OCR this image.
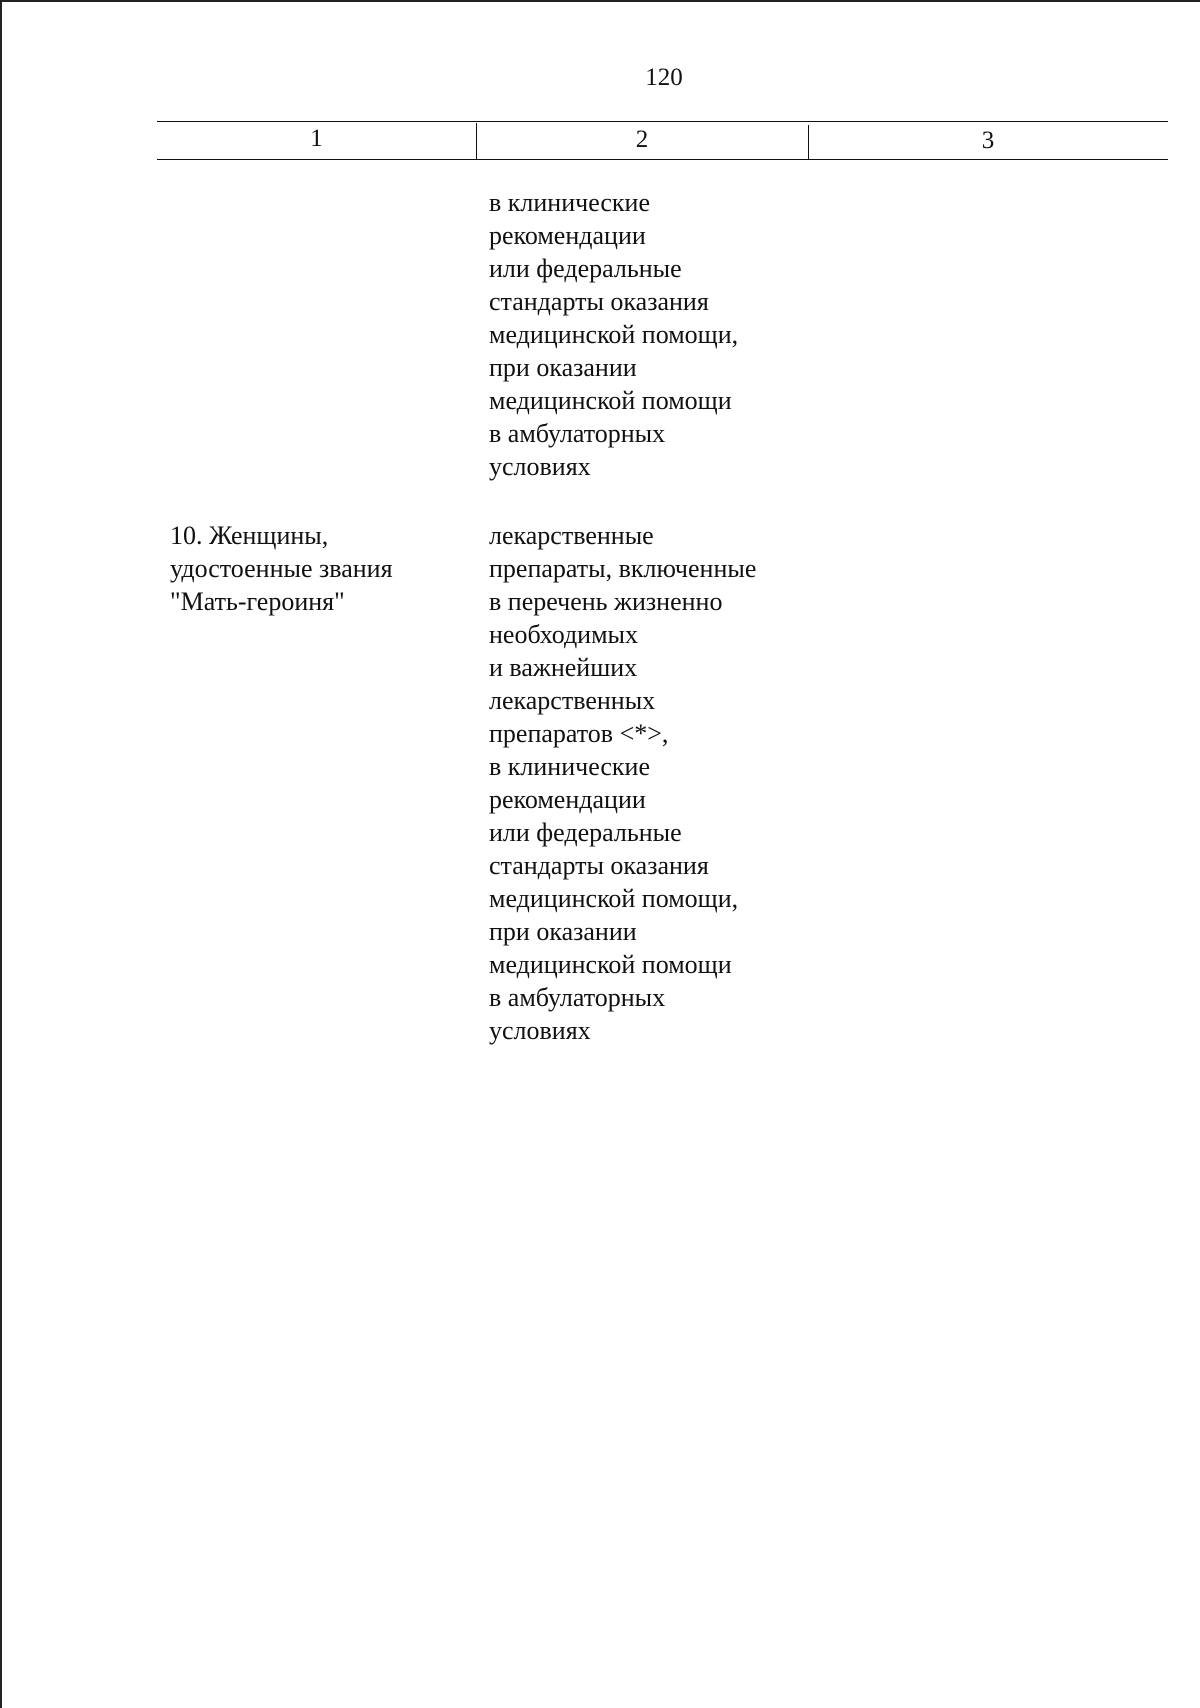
120
1	2	3
в клинические
рекомендации
или федеральные
стандарты оказания
медицинской помощи,
при оказании
медицинской помощи
в амбулаторных
условиях
10. Женщины,
удостоенные звания
"Мать-героиня"
лекарственные
препараты, включенные
в перечень жизненно
необходимых
и важнейших
лекарственных
препаратов <*>,
в клинические
рекомендации
или федеральные
стандарты оказания
медицинской помощи,
при оказании
медицинской помощи
в амбулаторных
условиях
